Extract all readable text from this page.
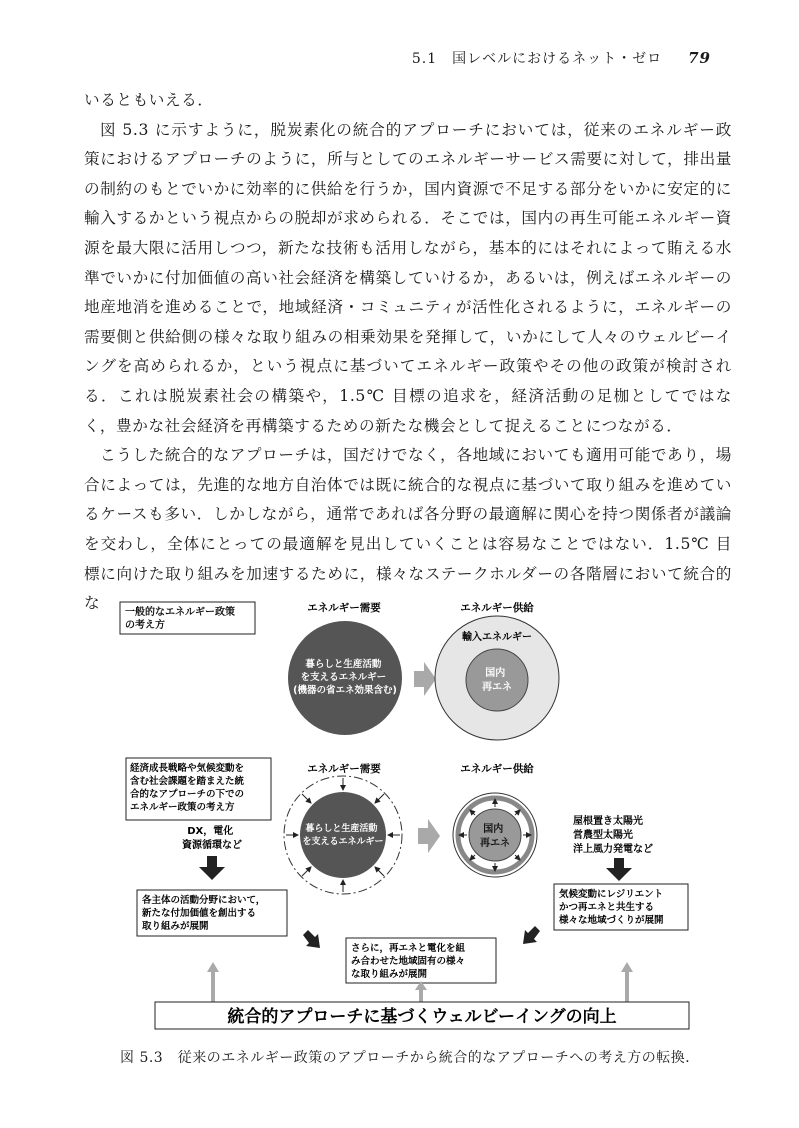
5.1　国レベルにおけるネット・ゼロ 79

いるともいえる．

図 5.3 に示すように，脱炭素化の統合的アプローチにおいては，従来のエネルギー政策におけるアプローチのように，所与としてのエネルギーサービス需要に対して，排出量の制約のもとでいかに効率的に供給を行うか，国内資源で不足する部分をいかに安定的に輸入するかという視点からの脱却が求められる．そこでは，国内の再生可能エネルギー資源を最大限に活用しつつ，新たな技術も活用しながら，基本的にはそれによって賄える水準でいかに付加価値の高い社会経済を構築していけるか，あるいは，例えばエネルギーの地産地消を進めることで，地域経済・コミュニティが活性化されるように，エネルギーの需要側と供給側の様々な取り組みの相乗効果を発揮して，いかにして人々のウェルビーイングを高められるか，という視点に基づいてエネルギー政策やその他の政策が検討される．これは脱炭素社会の構築や，1.5℃ 目標の追求を，経済活動の足枷としてではなく，豊かな社会経済を再構築するための新たな機会として捉えることにつながる．

こうした統合的なアプローチは，国だけでなく，各地域においても適用可能であり，場合によっては，先進的な地方自治体では既に統合的な視点に基づいて取り組みを進めているケースも多い．しかしながら，通常であれば各分野の最適解に関心を持つ関係者が議論を交わし，全体にとっての最適解を見出していくことは容易なことではない．1.5℃ 目標に向けた取り組みを加速するために，様々なステークホルダーの各階層において統合的な

一般的なエネルギー政策 の考え方
エネルギー需要	エネルギー供給
暮らしと生産活動 を支えるエネルギー (機器の省エネ効果含む)
輸入エネルギー
国内 再エネ
経済成長戦略や気候変動を 含む社会課題を踏まえた統 合的なアプローチの下での エネルギー政策の考え方
DX，電化 資源循環など
エネルギー需要	エネルギー供給
暮らしと生産活動 を支えるエネルギー
国内 再エネ
屋根置き太陽光 営農型太陽光 洋上風力発電など
各主体の活動分野において， 新たな付加価値を創出する 取り組みが展開
気候変動にレジリエント かつ再エネと共生する 様々な地域づくりが展開
さらに，再エネと電化を組 み合わせた地域固有の様々 な取り組みが展開
統合的アプローチに基づくウェルビーイングの向上
図 5.3　従来のエネルギー政策のアプローチから統合的なアプローチへの考え方の転換．
